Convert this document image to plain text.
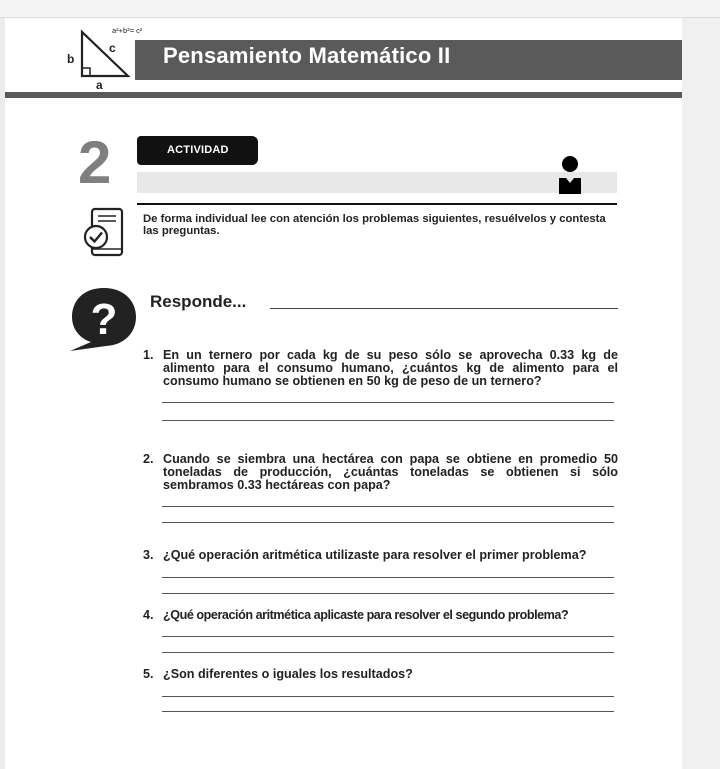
a²+b²= c²
c
b
a
Pensamiento Matemático II
2	ACTIVIDAD
De forma individual lee con atención los problemas siguientes, resuélvelos y contesta las preguntas.
? Responde...
1. En un ternero por cada kg de su peso sólo se aprovecha 0.33 kg de alimento para el consumo humano, ¿cuántos kg de alimento para el consumo humano se obtienen en 50 kg de peso de un ternero?
2. Cuando se siembra una hectárea con papa se obtiene en promedio 50 toneladas de producción, ¿cuántas toneladas se obtienen si sólo sembramos 0.33 hectáreas con papa?
3. ¿Qué operación aritmética utilizaste para resolver el primer problema?
4. ¿Qué operación aritmética aplicaste para resolver el segundo problema?
5. ¿Son diferentes o iguales los resultados?
